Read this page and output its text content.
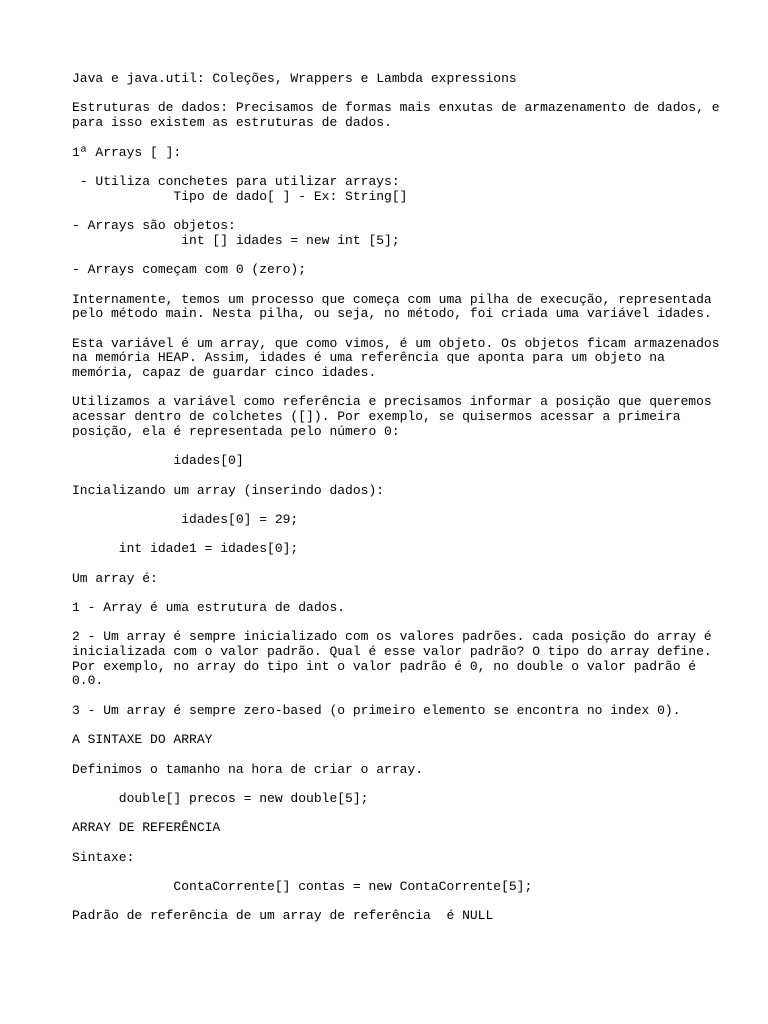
Java e java.util: Coleções, Wrappers e Lambda expressions

Estruturas de dados: Precisamos de formas mais enxutas de armazenamento de dados, e

para isso existem as estruturas de dados.

1ª Arrays [ ]:

- Utiliza conchetes para utilizar arrays:

Tipo de dado[ ] - Ex: String[]

- Arrays são objetos:

int [] idades = new int [5];

- Arrays começam com 0 (zero);

Internamente, temos um processo que começa com uma pilha de execução, representada

pelo método main. Nesta pilha, ou seja, no método, foi criada uma variável idades.

Esta variável é um array, que como vimos, é um objeto. Os objetos ficam armazenados

na memória HEAP. Assim, idades é uma referência que aponta para um objeto na

memória, capaz de guardar cinco idades.

Utilizamos a variável como referência e precisamos informar a posição que queremos

acessar dentro de colchetes ([]). Por exemplo, se quisermos acessar a primeira

posição, ela é representada pelo número 0:

idades[0]

Incializando um array (inserindo dados):

idades[0] = 29;

int idade1 = idades[0];

Um array é:

1 - Array é uma estrutura de dados.

2 - Um array é sempre inicializado com os valores padrões. cada posição do array é

inicializada com o valor padrão. Qual é esse valor padrão? O tipo do array define.

Por exemplo, no array do tipo int o valor padrão é 0, no double o valor padrão é

0.0.

3 - Um array é sempre zero-based (o primeiro elemento se encontra no index 0).

A SINTAXE DO ARRAY

Definimos o tamanho na hora de criar o array.

double[] precos = new double[5];

ARRAY DE REFERÊNCIA

Sintaxe:

ContaCorrente[] contas = new ContaCorrente[5];

Padrão de referência de um array de referência  é NULL
